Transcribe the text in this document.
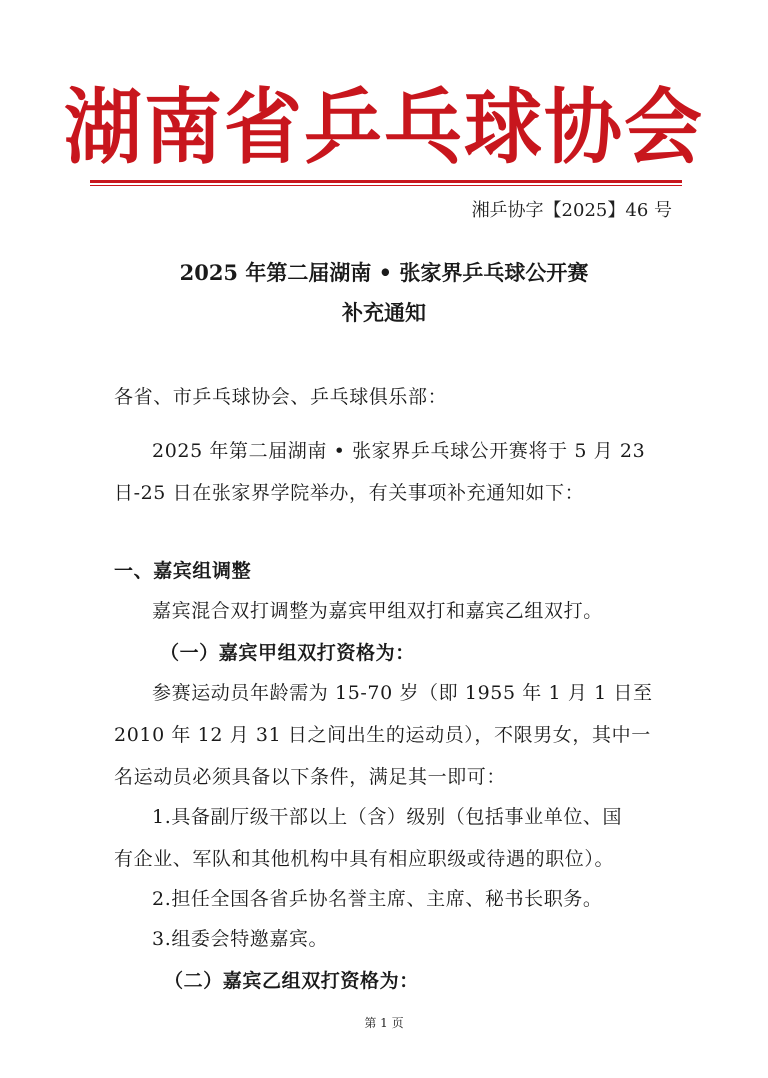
湖南省乒乓球协会
湘乒协字【2025】46 号
2025 年第二届湖南 • 张家界乒乓球公开赛
补充通知
各省、市乒乓球协会、乒乓球俱乐部：
2025 年第二届湖南 • 张家界乒乓球公开赛将于 5 月 23
日-25 日在张家界学院举办，有关事项补充通知如下：
一、嘉宾组调整
嘉宾混合双打调整为嘉宾甲组双打和嘉宾乙组双打。
（一）嘉宾甲组双打资格为：
参赛运动员年龄需为 15-70 岁（即 1955 年 1 月 1 日至
2010 年 12 月 31 日之间出生的运动员），不限男女，其中一
名运动员必须具备以下条件，满足其一即可：
1.具备副厅级干部以上（含）级别（包括事业单位、国
有企业、军队和其他机构中具有相应职级或待遇的职位）。
2.担任全国各省乒协名誉主席、主席、秘书长职务。
3.组委会特邀嘉宾。
（二）嘉宾乙组双打资格为：
第 1 页
